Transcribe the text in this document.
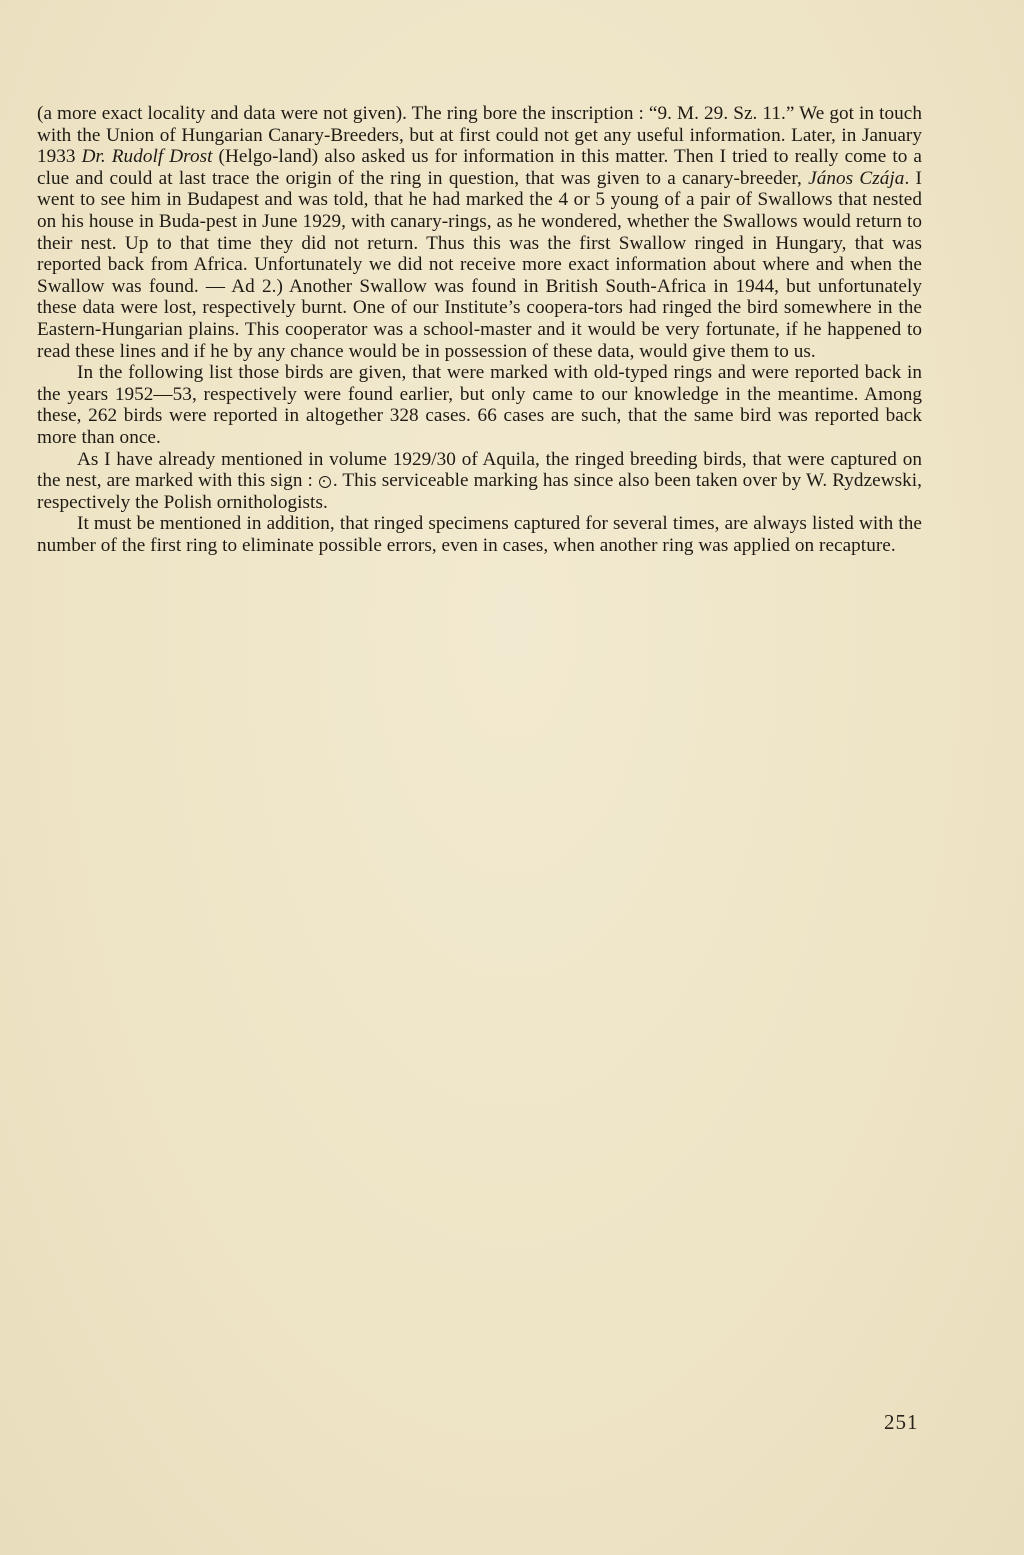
(a more exact locality and data were not given). The ring bore the inscription : “9. M. 29. Sz. 11.” We got in touch with the Union of Hungarian Canary-Breeders, but at first could not get any useful information. Later, in January 1933 Dr. Rudolf Drost (Helgo-land) also asked us for information in this matter. Then I tried to really come to a clue and could at last trace the origin of the ring in question, that was given to a canary-breeder, János Czája. I went to see him in Budapest and was told, that he had marked the 4 or 5 young of a pair of Swallows that nested on his house in Buda-pest in June 1929, with canary-rings, as he wondered, whether the Swallows would return to their nest. Up to that time they did not return. Thus this was the first Swallow ringed in Hungary, that was reported back from Africa. Unfortunately we did not receive more exact information about where and when the Swallow was found. — Ad 2.) Another Swallow was found in British South-Africa in 1944, but unfortunately these data were lost, respectively burnt. One of our Institute’s coopera-tors had ringed the bird somewhere in the Eastern-Hungarian plains. This cooperator was a school-master and it would be very fortunate, if he happened to read these lines and if he by any chance would be in possession of these data, would give them to us.

In the following list those birds are given, that were marked with old-typed rings and were reported back in the years 1952—53, respectively were found earlier, but only came to our knowledge in the meantime. Among these, 262 birds were reported in altogether 328 cases. 66 cases are such, that the same bird was reported back more than once.

As I have already mentioned in volume 1929/30 of Aquila, the ringed breeding birds, that were captured on the nest, are marked with this sign : . This serviceable marking has since also been taken over by W. Rydzewski, respectively the Polish ornithologists.

It must be mentioned in addition, that ringed specimens captured for several times, are always listed with the number of the first ring to eliminate possible errors, even in cases, when another ring was applied on recapture.

251
